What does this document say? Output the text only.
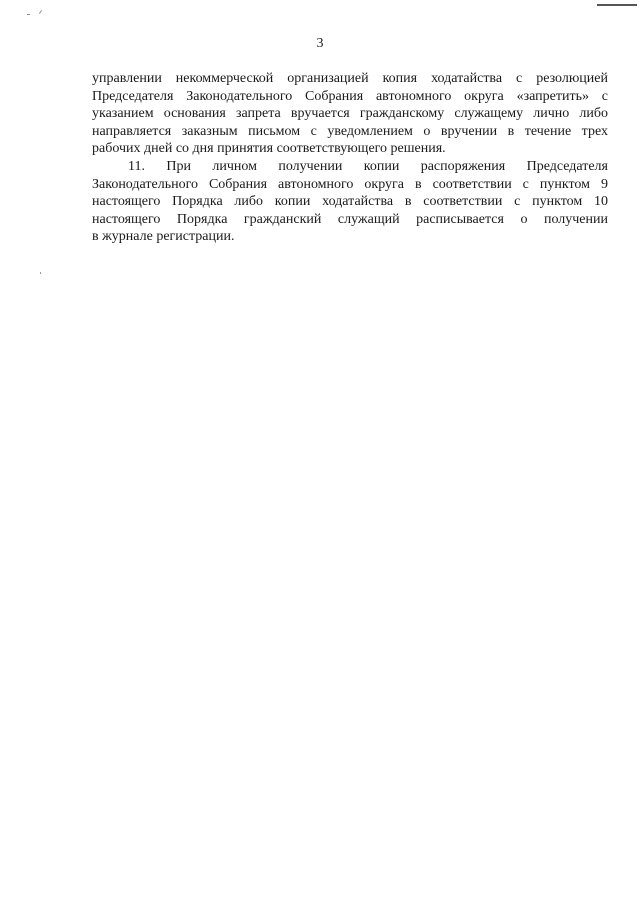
3
управлении некоммерческой организацией копия ходатайства с резолюцией
Председателя Законодательного Собрания автономного округа «запретить» с
указанием основания запрета вручается гражданскому служащему лично либо
направляется заказным письмом с уведомлением о вручении в течение трех
рабочих дней со дня принятия соответствующего решения.
11. При личном получении копии распоряжения Председателя
Законодательного Собрания автономного округа в соответствии с пунктом 9
настоящего Порядка либо копии ходатайства в соответствии с пунктом 10
настоящего Порядка гражданский служащий расписывается о получении
в журнале регистрации.
